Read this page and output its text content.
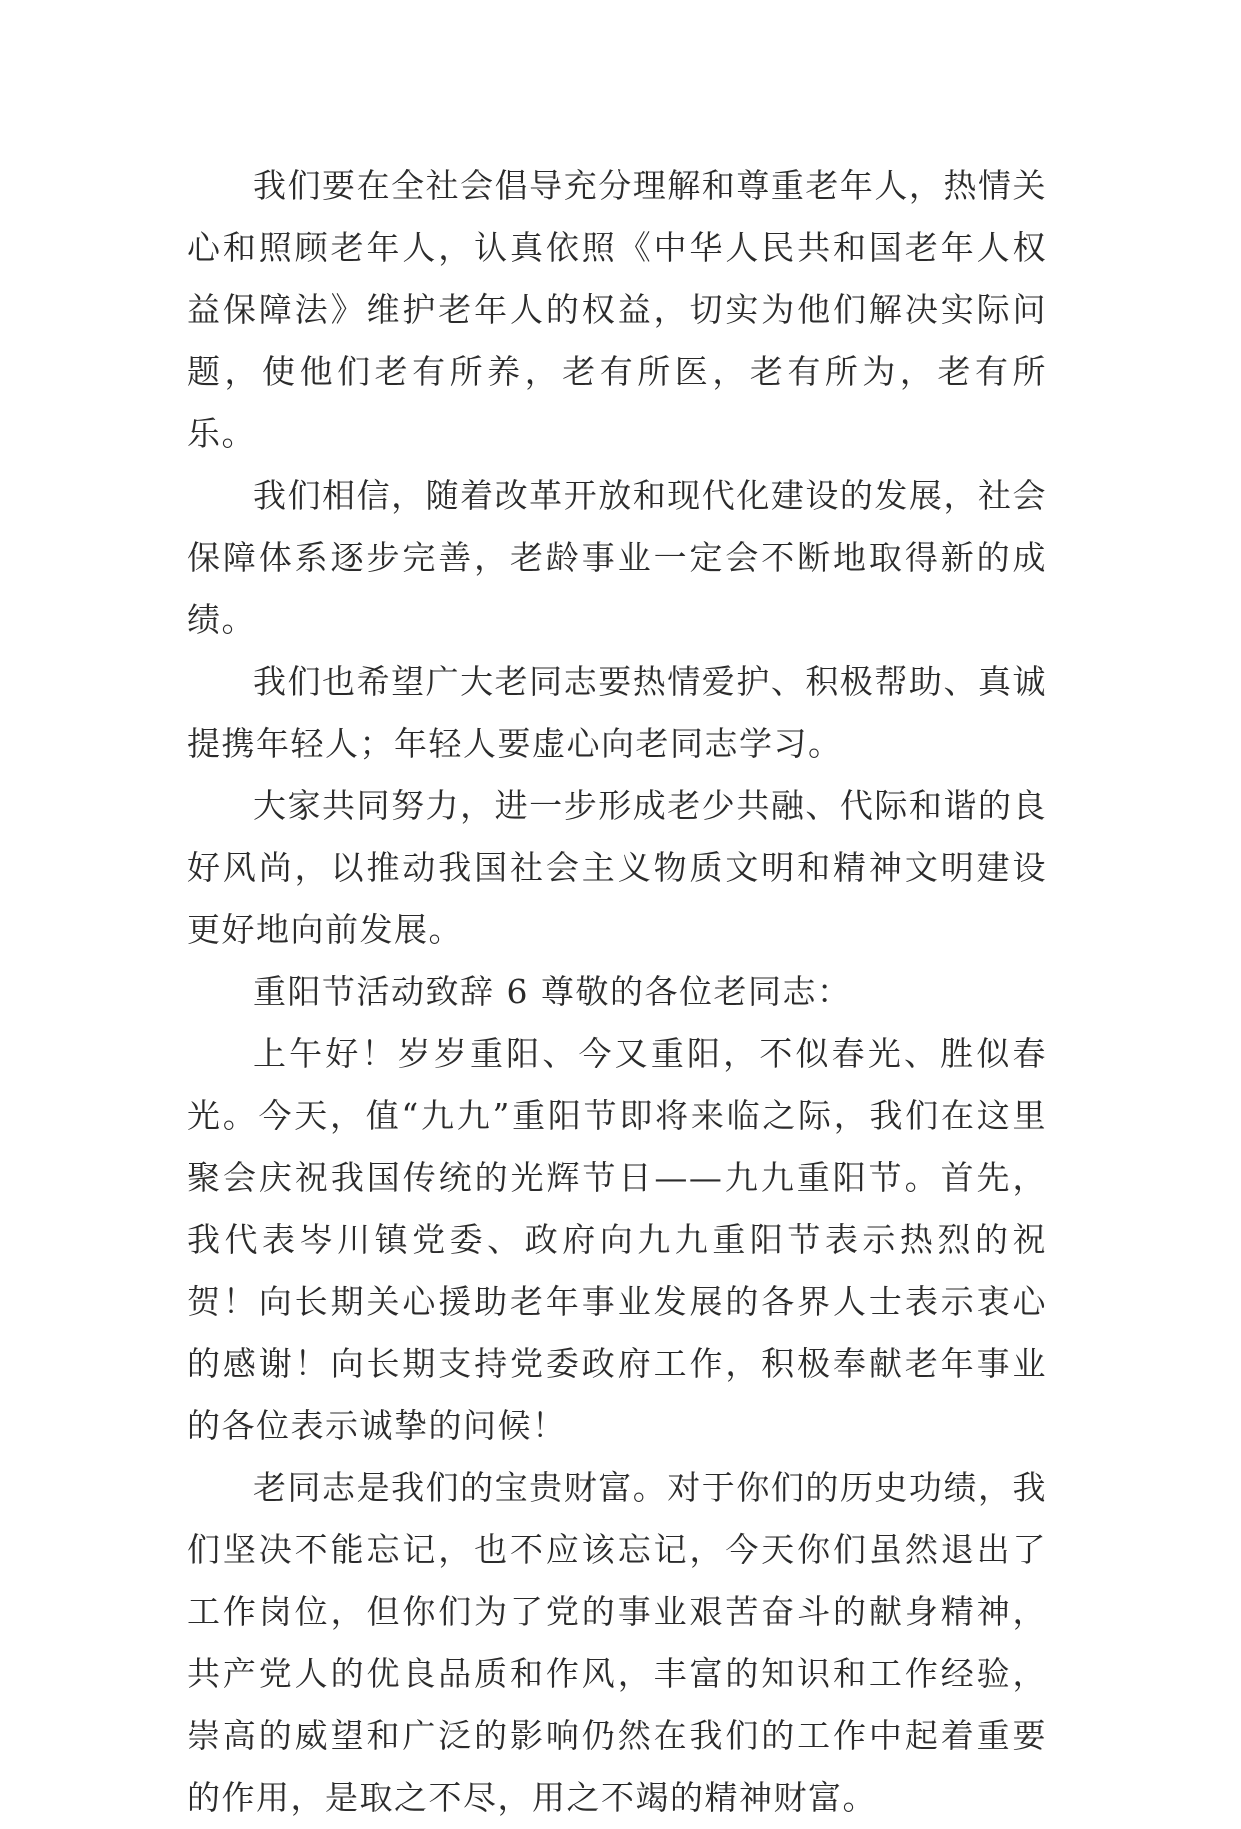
我们要在全社会倡导充分理解和尊重老年人，热情关心和照顾老年人，认真依照《中华人民共和国老年人权益保障法》维护老年人的权益，切实为他们解决实际问题，使他们老有所养，老有所医，老有所为，老有所乐。

我们相信，随着改革开放和现代化建设的发展，社会保障体系逐步完善，老龄事业一定会不断地取得新的成绩。

我们也希望广大老同志要热情爱护、积极帮助、真诚提携年轻人；年轻人要虚心向老同志学习。

大家共同努力，进一步形成老少共融、代际和谐的良好风尚，以推动我国社会主义物质文明和精神文明建设更好地向前发展。

重阳节活动致辞 6 尊敬的各位老同志：

上午好！岁岁重阳、今又重阳，不似春光、胜似春光。今天，值“九九”重阳节即将来临之际，我们在这里聚会庆祝我国传统的光辉节日——九九重阳节。首先，我代表岑川镇党委、政府向九九重阳节表示热烈的祝贺！向长期关心援助老年事业发展的各界人士表示衷心的感谢！向长期支持党委政府工作，积极奉献老年事业的各位表示诚挚的问候！

老同志是我们的宝贵财富。对于你们的历史功绩，我们坚决不能忘记，也不应该忘记，今天你们虽然退出了工作岗位，但你们为了党的事业艰苦奋斗的献身精神，共产党人的优良品质和作风，丰富的知识和工作经验，崇高的威望和广泛的影响仍然在我们的工作中起着重要的作用，是取之不尽，用之不竭的精神财富。
